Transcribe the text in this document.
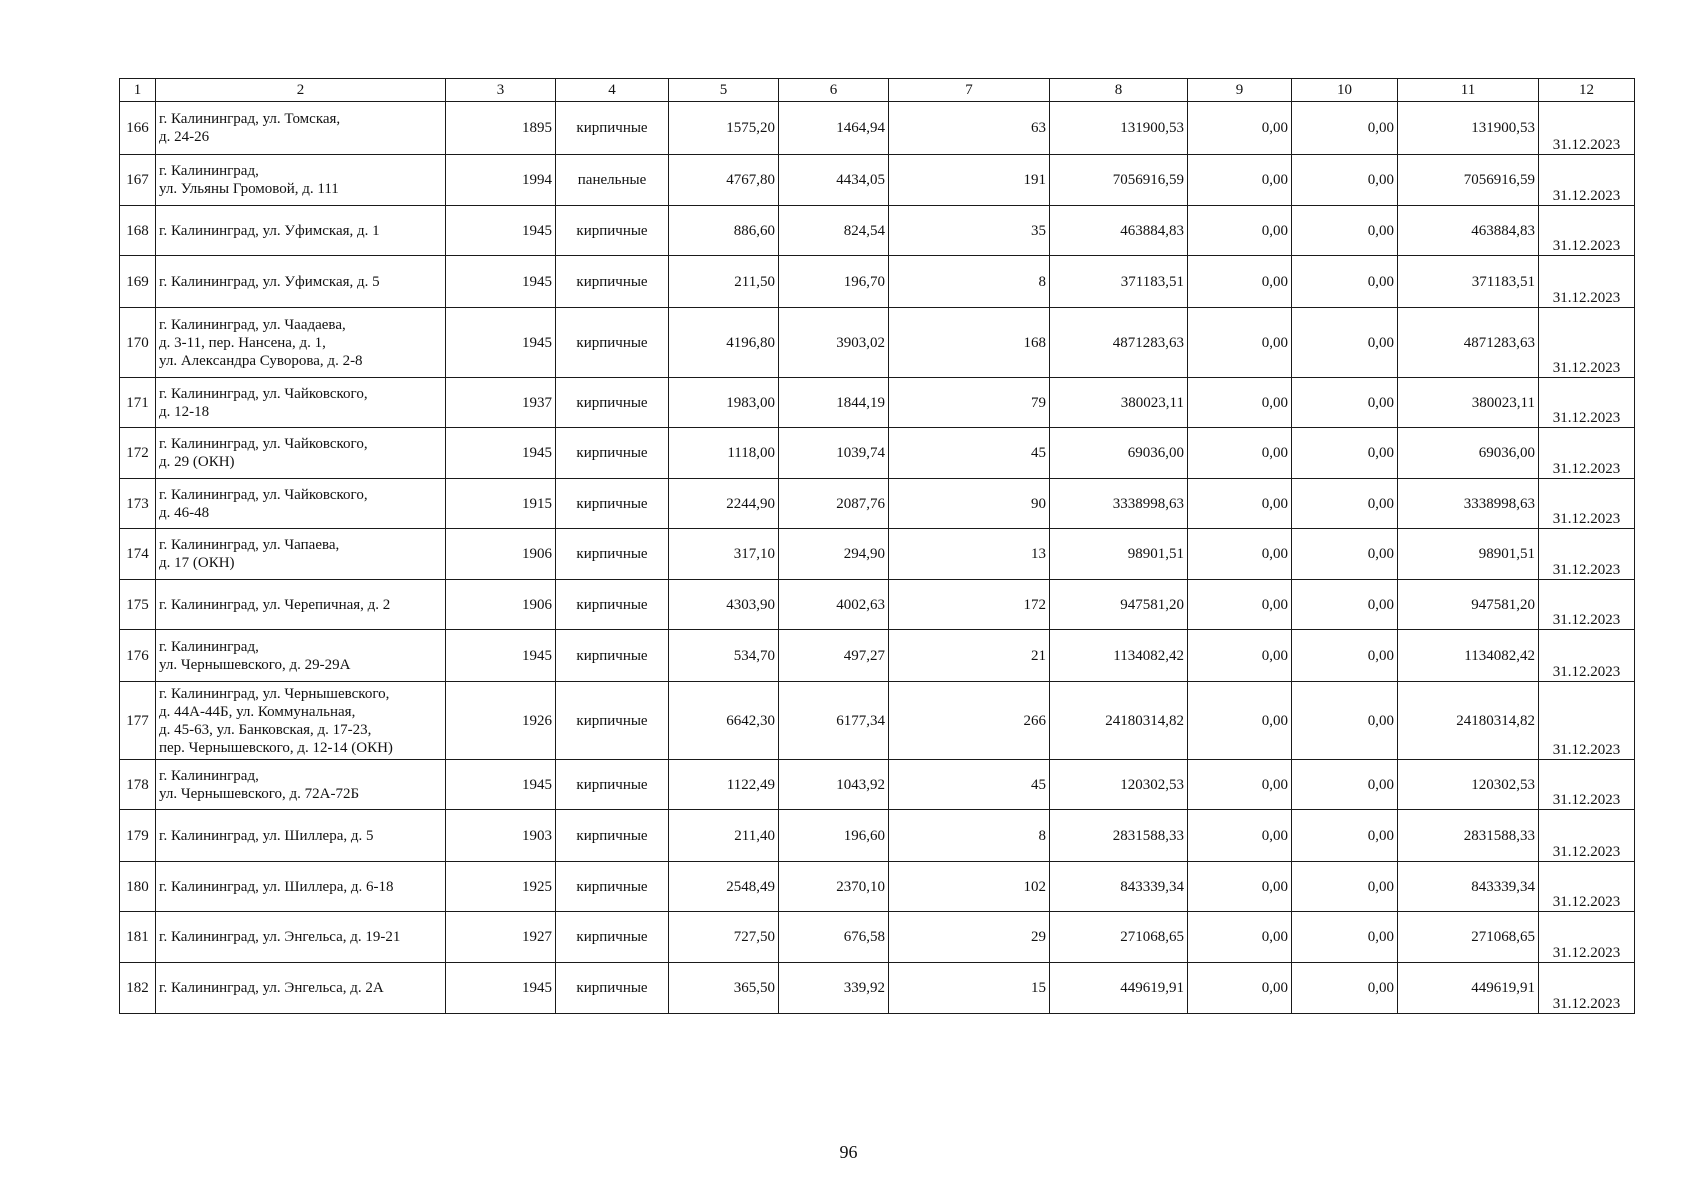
1	2	3	4	5	6	7	8	9	10	11	12
166	г. Калининград, ул. Томская,
д. 24-26	1895	кирпичные	1575,20	1464,94	63	131900,53	0,00	0,00	131900,53	31.12.2023
167	г. Калининград,
ул. Ульяны Громовой, д. 111	1994	панельные	4767,80	4434,05	191	7056916,59	0,00	0,00	7056916,59	31.12.2023
168	г. Калининград, ул. Уфимская, д. 1	1945	кирпичные	886,60	824,54	35	463884,83	0,00	0,00	463884,83	31.12.2023
169	г. Калининград, ул. Уфимская, д. 5	1945	кирпичные	211,50	196,70	8	371183,51	0,00	0,00	371183,51	31.12.2023
170	г. Калининград, ул. Чаадаева,
д. 3-11, пер. Нансена, д. 1,
ул. Александра Суворова, д. 2-8	1945	кирпичные	4196,80	3903,02	168	4871283,63	0,00	0,00	4871283,63	31.12.2023
171	г. Калининград, ул. Чайковского,
д. 12-18	1937	кирпичные	1983,00	1844,19	79	380023,11	0,00	0,00	380023,11	31.12.2023
172	г. Калининград, ул. Чайковского,
д. 29 (ОКН)	1945	кирпичные	1118,00	1039,74	45	69036,00	0,00	0,00	69036,00	31.12.2023
173	г. Калининград, ул. Чайковского,
д. 46-48	1915	кирпичные	2244,90	2087,76	90	3338998,63	0,00	0,00	3338998,63	31.12.2023
174	г. Калининград, ул. Чапаева,
д. 17 (ОКН)	1906	кирпичные	317,10	294,90	13	98901,51	0,00	0,00	98901,51	31.12.2023
175	г. Калининград, ул. Черепичная, д. 2	1906	кирпичные	4303,90	4002,63	172	947581,20	0,00	0,00	947581,20	31.12.2023
176	г. Калининград,
ул. Чернышевского, д. 29-29А	1945	кирпичные	534,70	497,27	21	1134082,42	0,00	0,00	1134082,42	31.12.2023
177	г. Калининград, ул. Чернышевского,
д. 44А-44Б, ул. Коммунальная,
д. 45-63, ул. Банковская, д. 17-23,
пер. Чернышевского, д. 12-14 (ОКН)	1926	кирпичные	6642,30	6177,34	266	24180314,82	0,00	0,00	24180314,82	31.12.2023
178	г. Калининград,
ул. Чернышевского, д. 72А-72Б	1945	кирпичные	1122,49	1043,92	45	120302,53	0,00	0,00	120302,53	31.12.2023
179	г. Калининград, ул. Шиллера, д. 5	1903	кирпичные	211,40	196,60	8	2831588,33	0,00	0,00	2831588,33	31.12.2023
180	г. Калининград, ул. Шиллера, д. 6-18	1925	кирпичные	2548,49	2370,10	102	843339,34	0,00	0,00	843339,34	31.12.2023
181	г. Калининград, ул. Энгельса, д. 19-21	1927	кирпичные	727,50	676,58	29	271068,65	0,00	0,00	271068,65	31.12.2023
182	г. Калининград, ул. Энгельса, д. 2А	1945	кирпичные	365,50	339,92	15	449619,91	0,00	0,00	449619,91	31.12.2023
96
